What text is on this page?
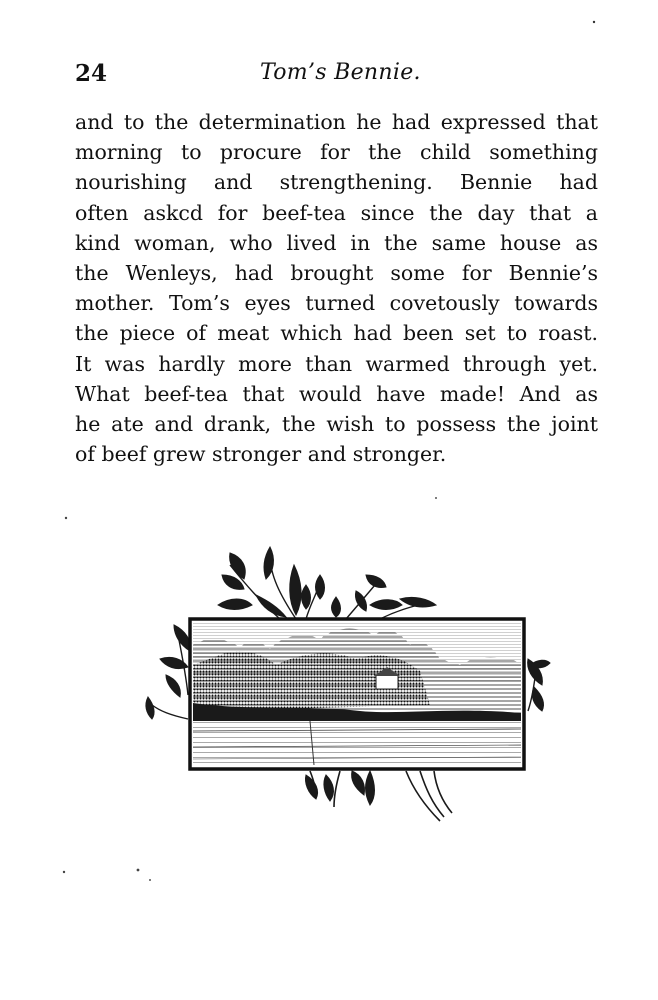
24	Tom’s Bennie.
and to the determination he had expressed that
morning to procure for the child something
nourishing and strengthening. Bennie had
often askcd for beef-tea since the day that a
kind woman, who lived in the same house as
the Wenleys, had brought some for Bennie’s
mother. Tom’s eyes turned covetously towards
the piece of meat which had been set to roast.
It was hardly more than warmed through yet.
What beef-tea that would have made! And as
he ate and drank, the wish to possess the joint
of beef grew stronger and stronger.
